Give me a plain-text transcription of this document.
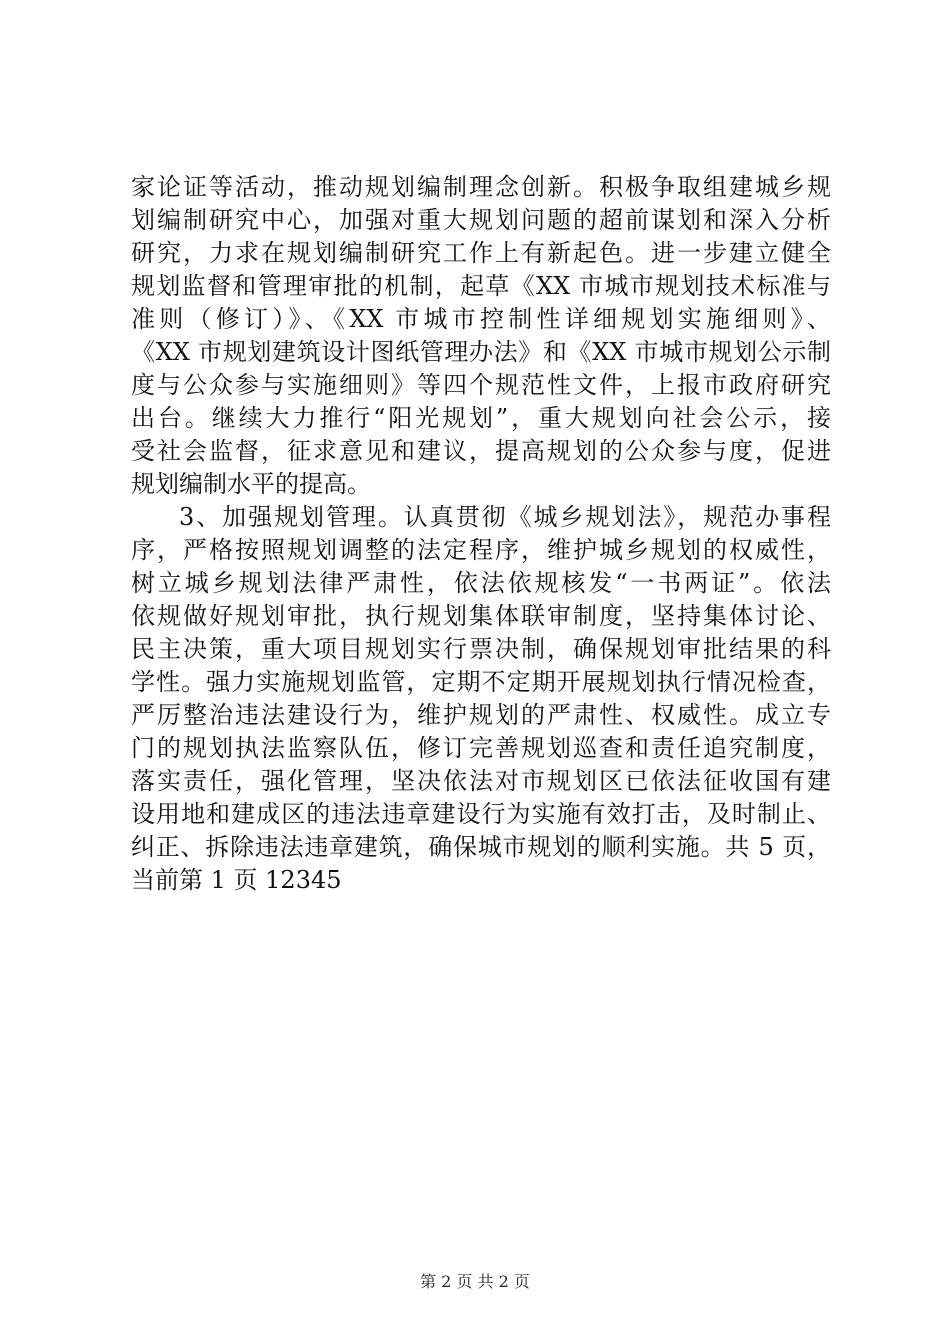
家论证等活动，推动规划编制理念创新。积极争取组建城乡规
划编制研究中心，加强对重大规划问题的超前谋划和深入分析
研究，力求在规划编制研究工作上有新起色。进一步建立健全
规划监督和管理审批的机制，起草《XX 市城市规划技术标准与
准则（修订）》、《XX 市城市控制性详细规划实施细则》、
《XX 市规划建筑设计图纸管理办法》和《XX 市城市规划公示制
度与公众参与实施细则》等四个规范性文件，上报市政府研究
出台。继续大力推行“阳光规划”，重大规划向社会公示，接
受社会监督，征求意见和建议，提高规划的公众参与度，促进
规划编制水平的提高。
3、加强规划管理。认真贯彻《城乡规划法》，规范办事程
序，严格按照规划调整的法定程序，维护城乡规划的权威性，
树立城乡规划法律严肃性，依法依规核发“一书两证”。依法
依规做好规划审批，执行规划集体联审制度，坚持集体讨论、
民主决策，重大项目规划实行票决制，确保规划审批结果的科
学性。强力实施规划监管，定期不定期开展规划执行情况检查，
严厉整治违法建设行为，维护规划的严肃性、权威性。成立专
门的规划执法监察队伍，修订完善规划巡查和责任追究制度，
落实责任，强化管理，坚决依法对市规划区已依法征收国有建
设用地和建成区的违法违章建设行为实施有效打击，及时制止、
纠正、拆除违法违章建筑，确保城市规划的顺利实施。共 5 页，
当前第 1 页 12345
第 2 页 共 2 页
